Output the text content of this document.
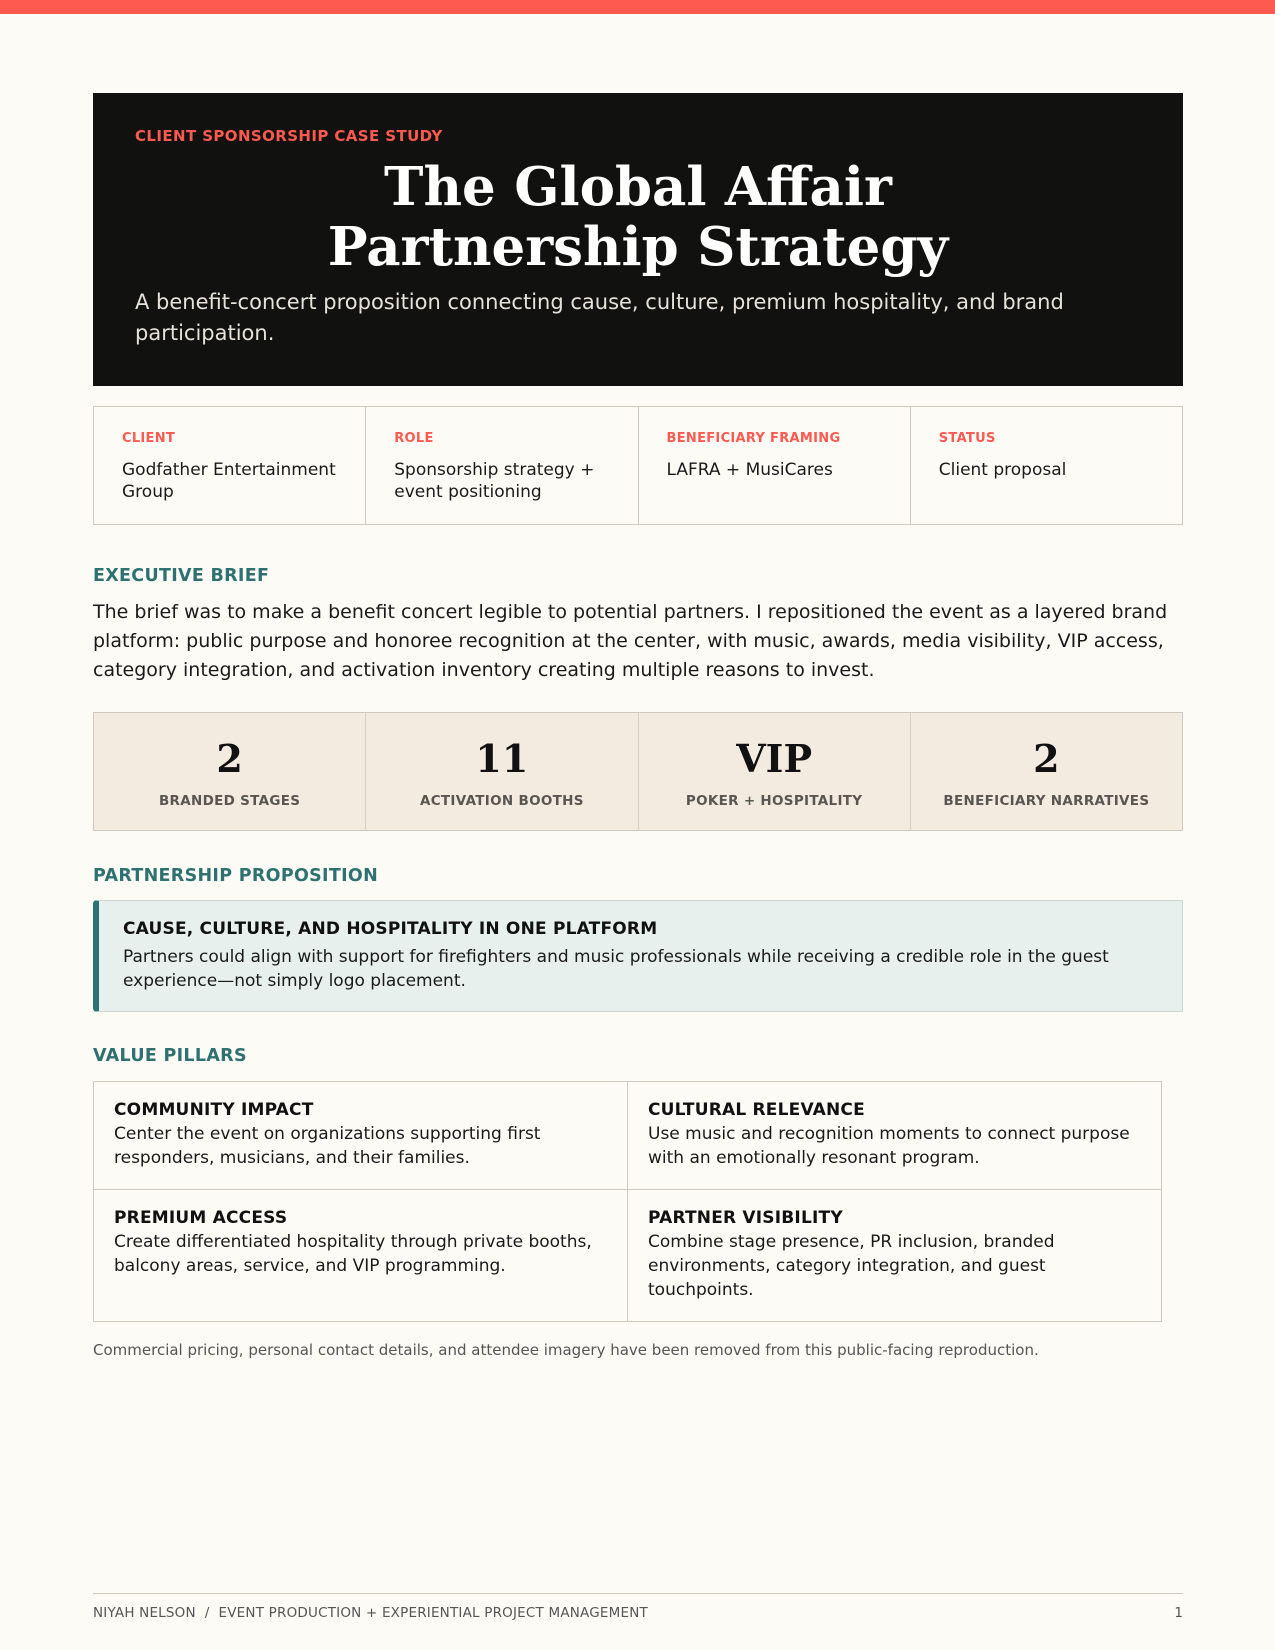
CLIENT SPONSORSHIP CASE STUDY
The Global Affair
Partnership Strategy

A benefit-concert proposition connecting cause, culture, premium hospitality, and brand participation.

CLIENT
Godfather Entertainment Group
ROLE
Sponsorship strategy + event positioning
BENEFICIARY FRAMING
LAFRA + MusiCares
STATUS
Client proposal
EXECUTIVE BRIEF

The brief was to make a benefit concert legible to potential partners. I repositioned the event as a layered brand platform: public purpose and honoree recognition at the center, with music, awards, media visibility, VIP access, category integration, and activation inventory creating multiple reasons to invest.

2
BRANDED STAGES
11
ACTIVATION BOOTHS
VIP
POKER + HOSPITALITY
2
BENEFICIARY NARRATIVES
PARTNERSHIP PROPOSITION
CAUSE, CULTURE, AND HOSPITALITY IN ONE PLATFORM
Partners could align with support for firefighters and music professionals while receiving a credible role in the guest experience—not simply logo placement.
VALUE PILLARS
COMMUNITY IMPACT
Center the event on organizations supporting first responders, musicians, and their families.
CULTURAL RELEVANCE
Use music and recognition moments to connect purpose with an emotionally resonant program.
PREMIUM ACCESS
Create differentiated hospitality through private booths, balcony areas, service, and VIP programming.
PARTNER VISIBILITY
Combine stage presence, PR inclusion, branded environments, category integration, and guest touchpoints.

Commercial pricing, personal contact details, and attendee imagery have been removed from this public-facing reproduction.

NIYAH NELSON  /  EVENT PRODUCTION + EXPERIENTIAL PROJECT MANAGEMENT	1
